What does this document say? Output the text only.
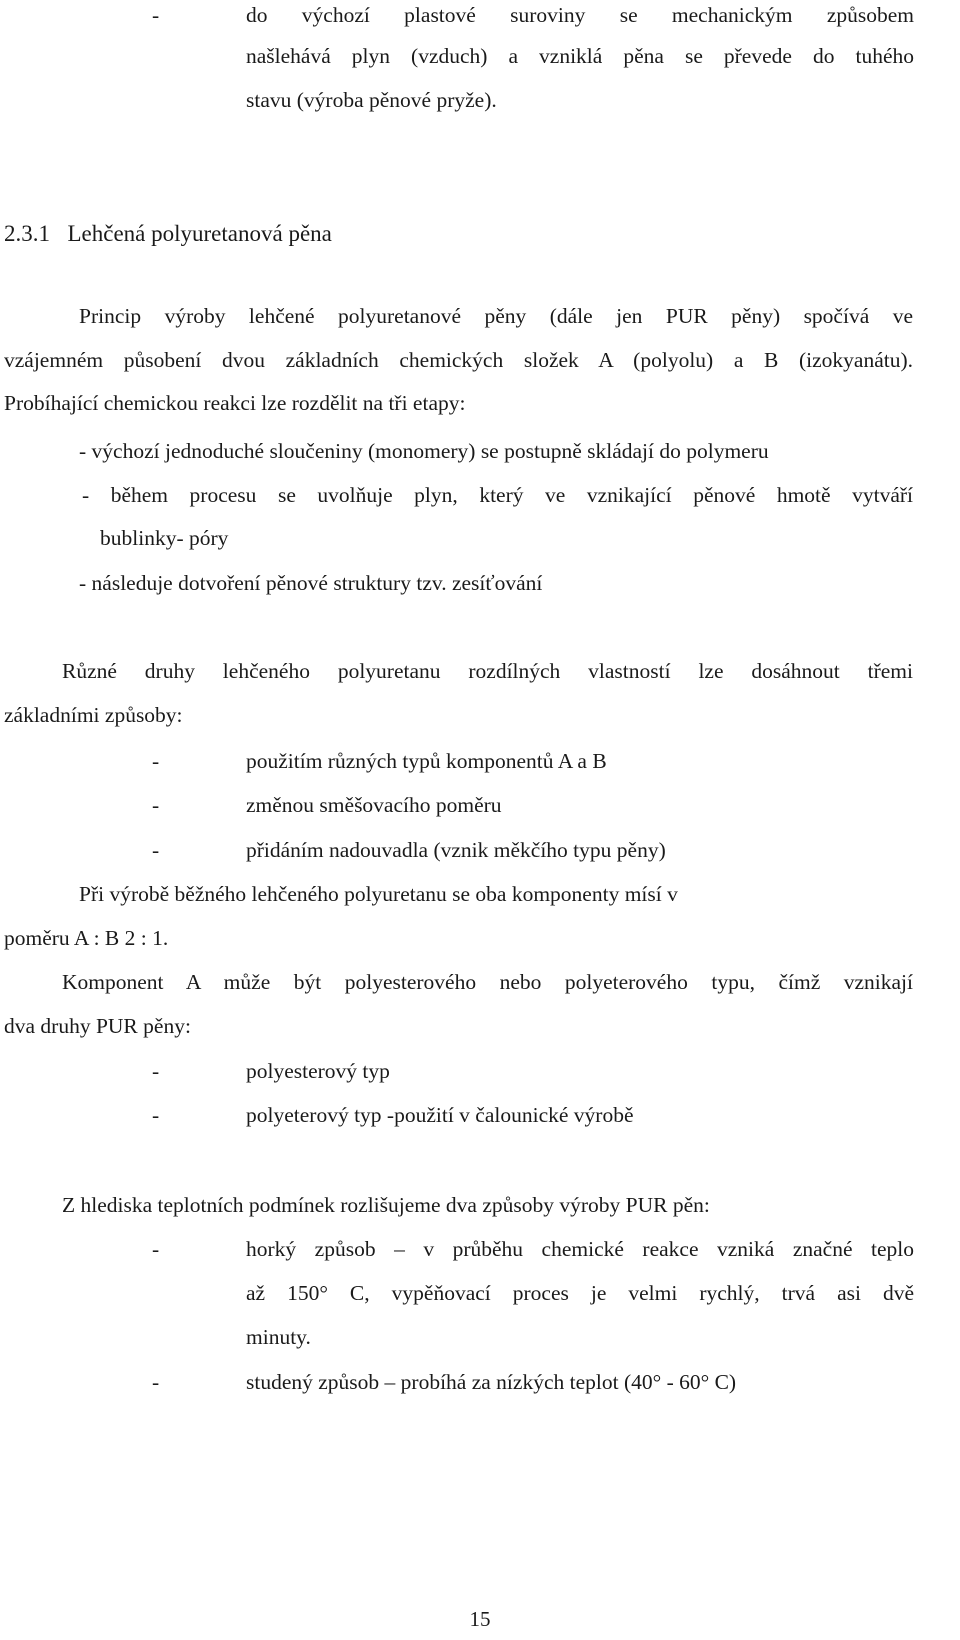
-	do výchozí plastové suroviny se mechanickým způsobem
našlehává plyn (vzduch) a vzniklá pěna se převede do tuhého
stavu (výroba pěnové pryže).
2.3.1 Lehčená polyuretanová pěna
Princip výroby lehčené polyuretanové pěny (dále jen PUR pěny) spočívá ve
vzájemném působení dvou základních chemických složek A (polyolu) a B (izokyanátu).
Probíhající chemickou reakci lze rozdělit na tři etapy:
- výchozí jednoduché sloučeniny (monomery) se postupně skládají do polymeru
- během procesu se uvolňuje plyn, který ve vznikající pěnové hmotě vytváří
bublinky- póry
- následuje dotvoření pěnové struktury tzv. zesíťování
Různé druhy lehčeného polyuretanu rozdílných vlastností lze dosáhnout třemi
základními způsoby:
-	použitím různých typů komponentů A a B
-	změnou směšovacího poměru
-	přidáním nadouvadla (vznik měkčího typu pěny)
Při výrobě běžného lehčeného polyuretanu se oba komponenty mísí v
poměru A : B 2 : 1.
Komponent A může být polyesterového nebo polyeterového typu, čímž vznikají
dva druhy PUR pěny:
-	polyesterový typ
-	polyeterový typ -použití v čalounické výrobě
Z hlediska teplotních podmínek rozlišujeme dva způsoby výroby PUR pěn:
-	horký způsob – v průběhu chemické reakce vzniká značné teplo
až 150° C, vypěňovací proces je velmi rychlý, trvá asi dvě
minuty.
-	studený způsob – probíhá za nízkých teplot (40° - 60° C)
15
